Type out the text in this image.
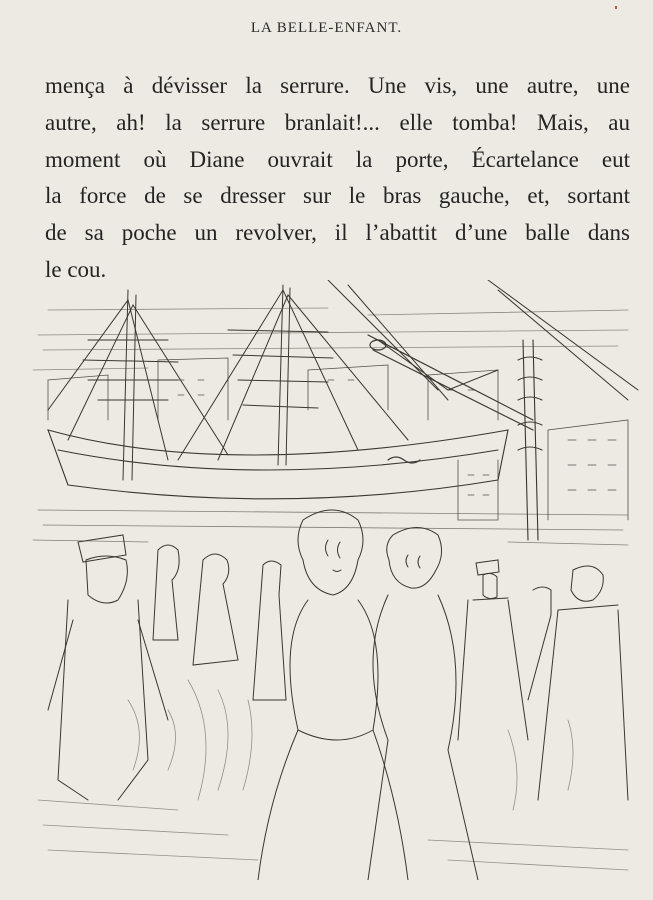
LA BELLE-ENFANT.
mença à dévisser la serrure. Une vis, une autre, une
autre, ah! la serrure branlait!... elle tomba! Mais, au
moment où Diane ouvrait la porte, Écartelance eut
la force de se dresser sur le bras gauche, et, sortant
de sa poche un revolver, il l’abattit d’une balle dans
le cou.
